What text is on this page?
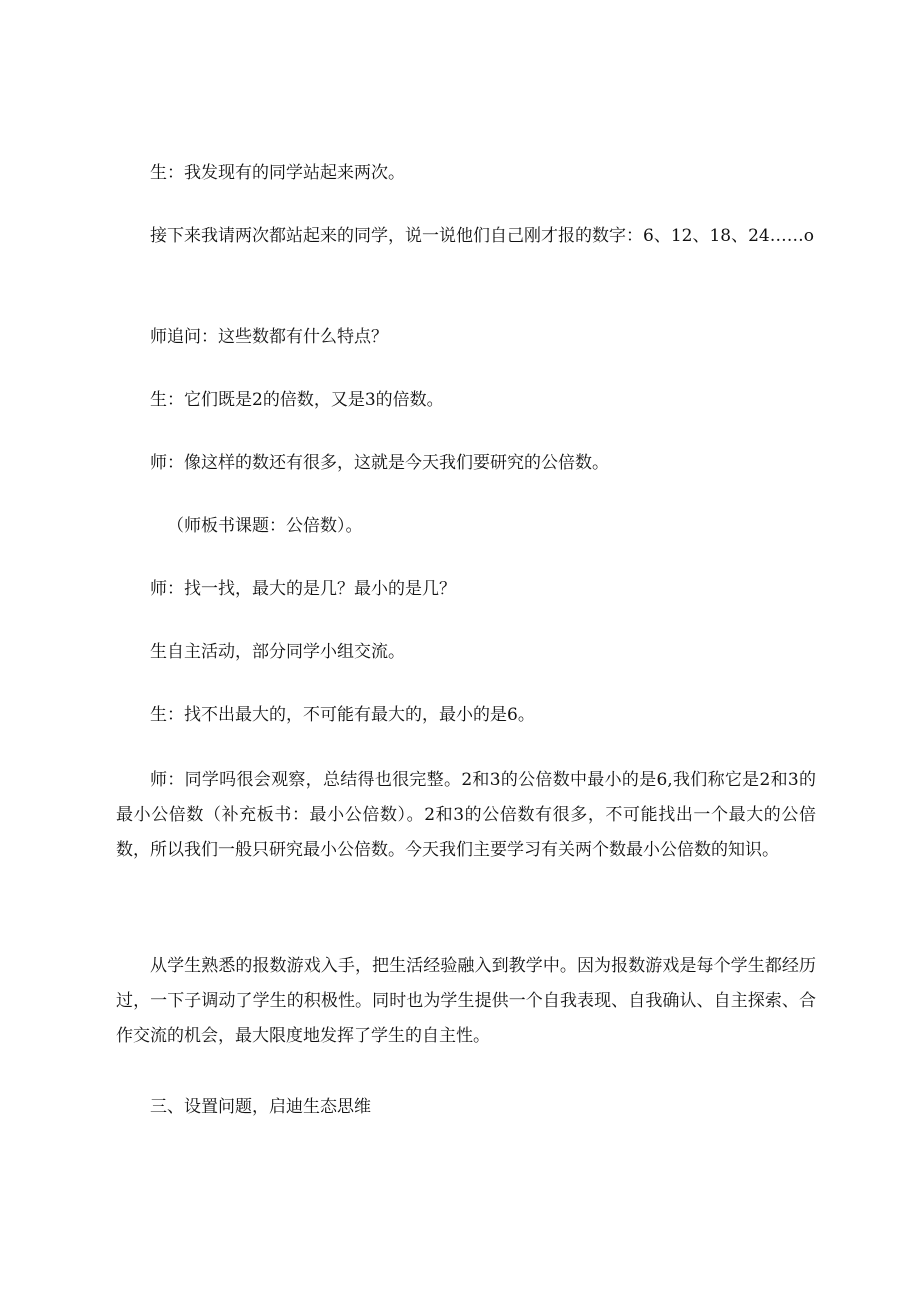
生：我发现有的同学站起来两次。

接下来我请两次都站起来的同学，说一说他们自己刚才报的数字：6、12、18、24……o

师追问：这些数都有什么特点？

生：它们既是2的倍数，又是3的倍数。

师：像这样的数还有很多，这就是今天我们要研究的公倍数。

（师板书课题：公倍数）。

师：找一找，最大的是几？最小的是几？

生自主活动，部分同学小组交流。

生：找不出最大的，不可能有最大的，最小的是6。

师：同学吗很会观察，总结得也很完整。2和3的公倍数中最小的是6,我们称它是2和3的最小公倍数（补充板书：最小公倍数）。2和3的公倍数有很多，不可能找出一个最大的公倍数，所以我们一般只研究最小公倍数。今天我们主要学习有关两个数最小公倍数的知识。

从学生熟悉的报数游戏入手，把生活经验融入到教学中。因为报数游戏是每个学生都经历过，一下子调动了学生的积极性。同时也为学生提供一个自我表现、自我确认、自主探索、合作交流的机会，最大限度地发挥了学生的自主性。

三、设置问题，启迪生态思维
